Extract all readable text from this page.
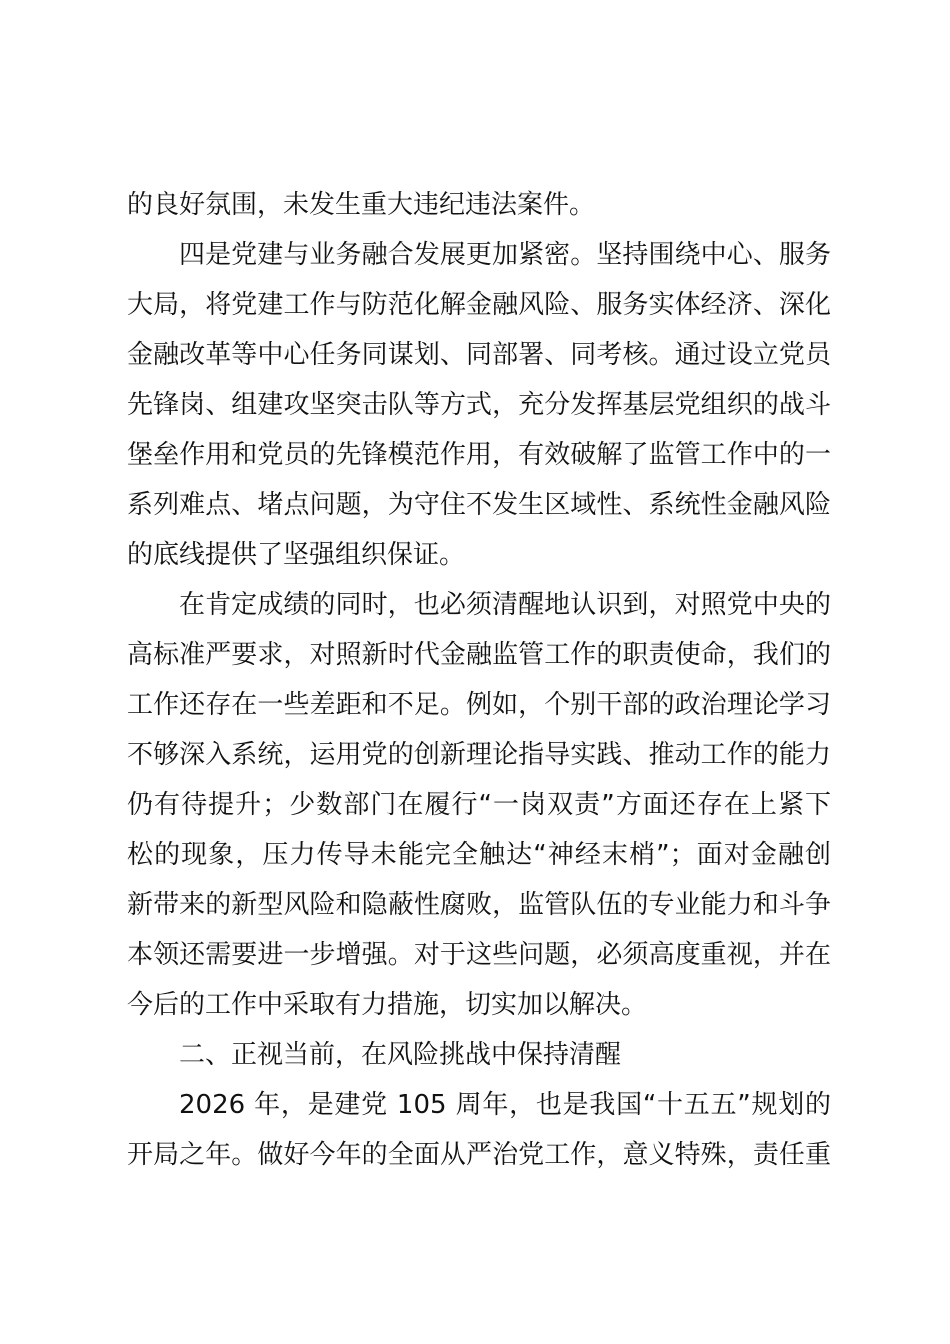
的良好氛围，未发生重大违纪违法案件。
四是党建与业务融合发展更加紧密。坚持围绕中心、服务
大局，将党建工作与防范化解金融风险、服务实体经济、深化
金融改革等中心任务同谋划、同部署、同考核。通过设立党员
先锋岗、组建攻坚突击队等方式，充分发挥基层党组织的战斗
堡垒作用和党员的先锋模范作用，有效破解了监管工作中的一
系列难点、堵点问题，为守住不发生区域性、系统性金融风险
的底线提供了坚强组织保证。
在肯定成绩的同时，也必须清醒地认识到，对照党中央的
高标准严要求，对照新时代金融监管工作的职责使命，我们的
工作还存在一些差距和不足。例如，个别干部的政治理论学习
不够深入系统，运用党的创新理论指导实践、推动工作的能力
仍有待提升；少数部门在履行“一岗双责”方面还存在上紧下
松的现象，压力传导未能完全触达“神经末梢”；面对金融创
新带来的新型风险和隐蔽性腐败，监管队伍的专业能力和斗争
本领还需要进一步增强。对于这些问题，必须高度重视，并在
今后的工作中采取有力措施，切实加以解决。
二、正视当前，在风险挑战中保持清醒
2026 年，是建党 105 周年，也是我国“十五五”规划的
开局之年。做好今年的全面从严治党工作，意义特殊，责任重
